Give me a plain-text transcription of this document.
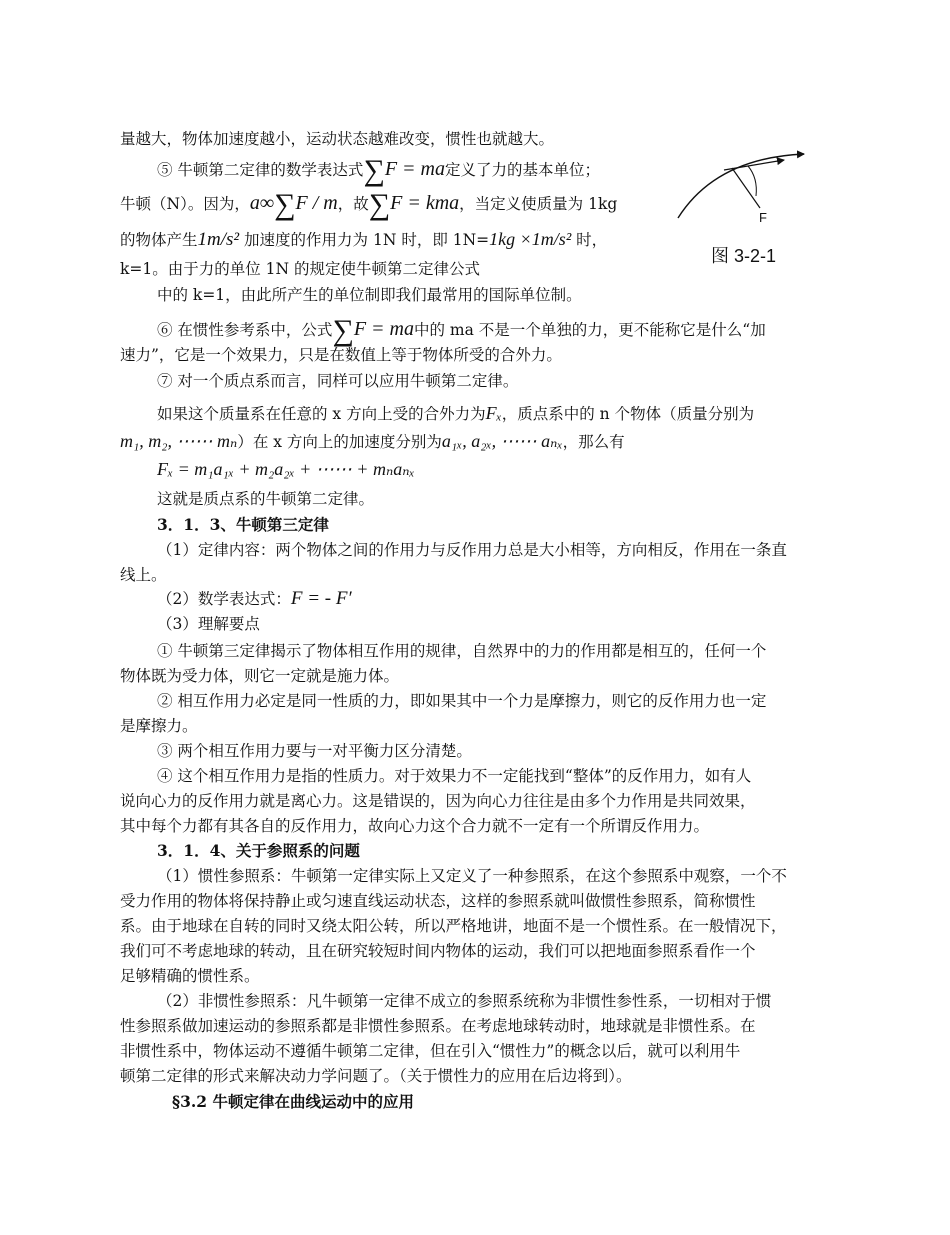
量越大，物体加速度越小，运动状态越难改变，惯性也就越大。
⑤ 牛顿第二定律的数学表达式∑F = ma定义了力的基本单位；
牛顿（N）。因为，a∞∑F / m，故∑F = kma，当定义使质量为 1kg
的物体产生1m/s² 加速度的作用力为 1N 时，即 1N=1kg ×1m/s² 时，
k=1。由于力的单位 1N 的规定使牛顿第二定律公式
中的 k=1，由此所产生的单位制即我们最常用的国际单位制。
⑥ 在惯性参考系中，公式∑F = ma中的 ma 不是一个单独的力，更不能称它是什么“加
速力”，它是一个效果力，只是在数值上等于物体所受的合外力。
⑦ 对一个质点系而言，同样可以应用牛顿第二定律。
如果这个质量系在任意的 x 方向上受的合外力为Fₓ，质点系中的 n 个物体（质量分别为
m₁, m₂, ⋯⋯ mₙ）在 x 方向上的加速度分别为a₁ₓ, a₂ₓ, ⋯⋯ aₙₓ，那么有
Fₓ = m₁a₁ₓ + m₂a₂ₓ + ⋯⋯ + mₙaₙₓ
这就是质点系的牛顿第二定律。
3．1．3、牛顿第三定律
（1）定律内容：两个物体之间的作用力与反作用力总是大小相等，方向相反，作用在一条直
线上。
（2）数学表达式：F = - F′
（3）理解要点
① 牛顿第三定律揭示了物体相互作用的规律，自然界中的力的作用都是相互的，任何一个
物体既为受力体，则它一定就是施力体。
② 相互作用力必定是同一性质的力，即如果其中一个力是摩擦力，则它的反作用力也一定
是摩擦力。
③ 两个相互作用力要与一对平衡力区分清楚。
④ 这个相互作用力是指的性质力。对于效果力不一定能找到“整体”的反作用力，如有人
说向心力的反作用力就是离心力。这是错误的，因为向心力往往是由多个力作用是共同效果，
其中每个力都有其各自的反作用力，故向心力这个合力就不一定有一个所谓反作用力。
3．1．4、关于参照系的问题
（1）惯性参照系：牛顿第一定律实际上又定义了一种参照系，在这个参照系中观察，一个不
受力作用的物体将保持静止或匀速直线运动状态，这样的参照系就叫做惯性参照系，简称惯性
系。由于地球在自转的同时又绕太阳公转，所以严格地讲，地面不是一个惯性系。在一般情况下，
我们可不考虑地球的转动，且在研究较短时间内物体的运动，我们可以把地面参照系看作一个
足够精确的惯性系。
（2）非惯性参照系：凡牛顿第一定律不成立的参照系统称为非惯性参性系，一切相对于惯
性参照系做加速运动的参照系都是非惯性参照系。在考虑地球转动时，地球就是非惯性系。在
非惯性系中，物体运动不遵循牛顿第二定律，但在引入“惯性力”的概念以后，就可以利用牛
顿第二定律的形式来解决动力学问题了。（关于惯性力的应用在后边将到）。
§3.2 牛顿定律在曲线运动中的应用
F
图 3-2-1
